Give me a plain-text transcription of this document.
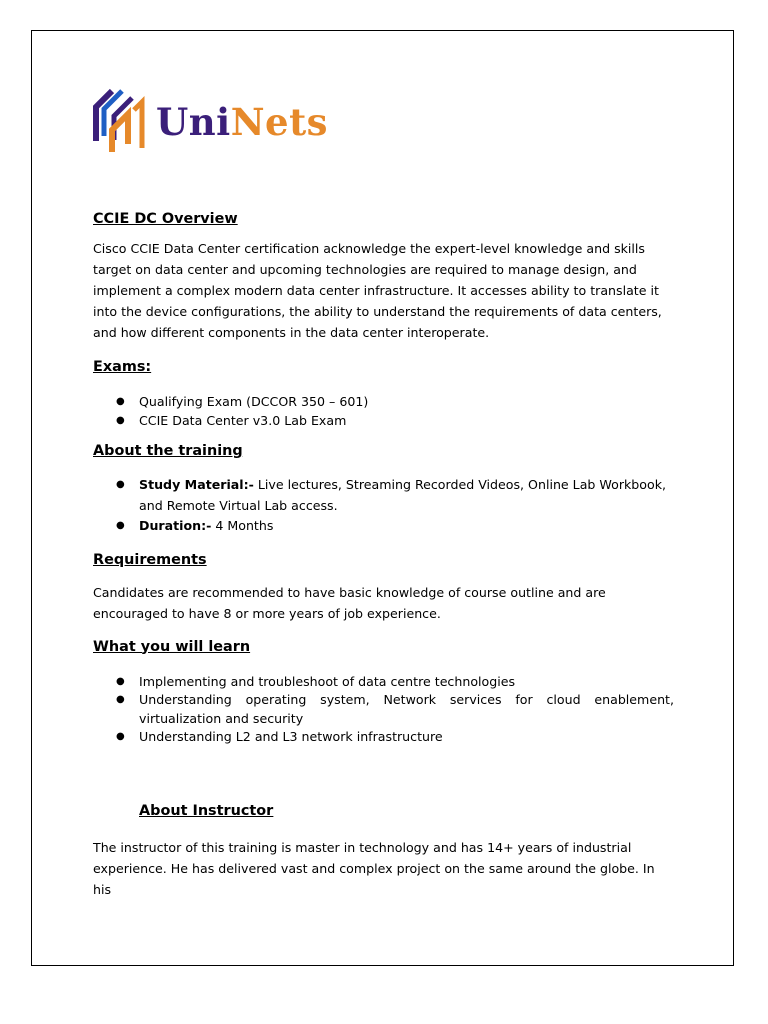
UniNets
CCIE DC Overview

Cisco CCIE Data Center certification acknowledge the expert-level knowledge and skills target on data center and upcoming technologies are required to manage design, and implement a complex modern data center infrastructure. It accesses ability to translate it into the device configurations, the ability to understand the requirements of data centers, and how different components in the data center interoperate.

Exams:
● Qualifying Exam (DCCOR 350 – 601)
● CCIE Data Center v3.0 Lab Exam
About the training
● Study Material:- Live lectures, Streaming Recorded Videos, Online Lab Workbook, and Remote Virtual Lab access.
● Duration:- 4 Months
Requirements

Candidates are recommended to have basic knowledge of course outline and are encouraged to have 8 or more years of job experience.

What you will learn
● Implementing and troubleshoot of data centre technologies
● Understanding operating system, Network services for cloud enablement, virtualization and security
● Understanding L2 and L3 network infrastructure
About Instructor

The instructor of this training is master in technology and has 14+ years of industrial experience. He has delivered vast and complex project on the same around the globe. In his
